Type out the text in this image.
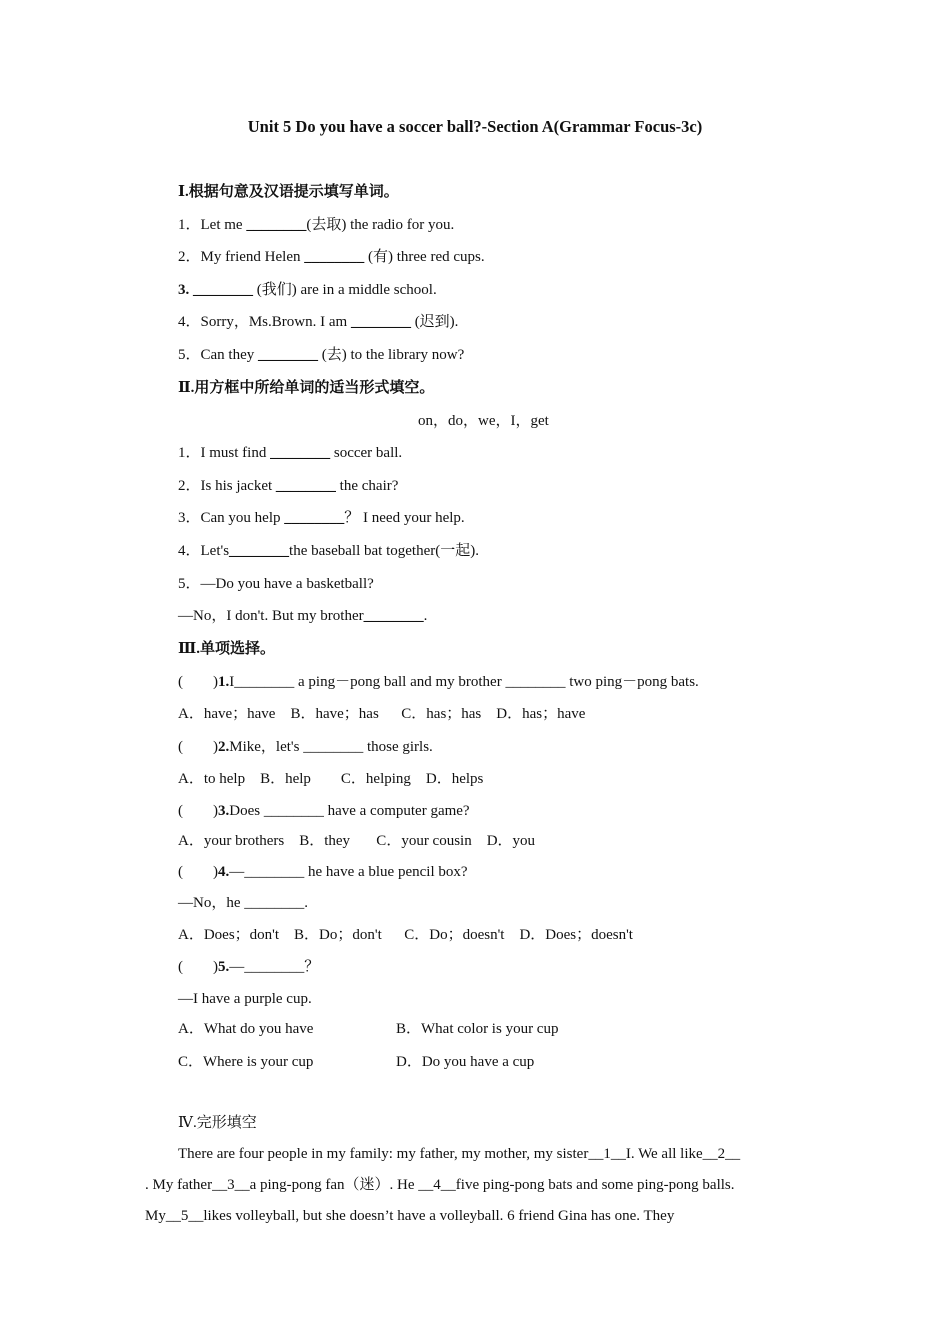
Unit 5 Do you have a soccer ball?-Section A(Grammar Focus-3c)
Ⅰ.根据句意及汉语提示填写单词。
1．Let me ________(去取) the radio for you.
2．My friend Helen ________ (有) three red cups.
3. ________ (我们) are in a middle school.
4．Sorry，Ms.Brown. I am ________ (迟到).
5．Can they ________ (去) to the library now?
Ⅱ.用方框中所给单词的适当形式填空。
on，do，we，I，get
1．I must find ________ soccer ball.
2．Is his jacket ________ the chair?
3．Can you help ________？ I need your help.
4．Let's________the baseball bat together(一起).
5．—Do you have a basketball?
—No，I don't. But my brother________.
Ⅲ.单项选择。
(　　)1.I________ a ping－pong ball and my brother ________ two ping－pong bats.
A．have；have    B．have；has      C．has；has    D．has；have
(　　)2.Mike，let's ________ those girls.
A．to help    B．help        C．helping    D．helps
(　　)3.Does ________ have a computer game?
A．your brothers    B．they       C．your cousin    D．you
(　　)4.—________ he have a blue pencil box?
—No，he ________.
A．Does；don't    B．Do；don't      C．Do；doesn't    D．Does；doesn't
(　　)5.—________？
—I have a purple cup.
A．What do you have	B．What color is your cup
C．Where is your cup	D．Do you have a cup
Ⅳ.完形填空
There are four people in my family: my father, my mother, my sister__1__I. We all like__2__
. My father__3__a ping-pong fan（迷）. He __4__five ping-pong bats and some ping-pong balls.
My__5__likes volleyball, but she doesn’t have a volleyball. 6 friend Gina has one. They
